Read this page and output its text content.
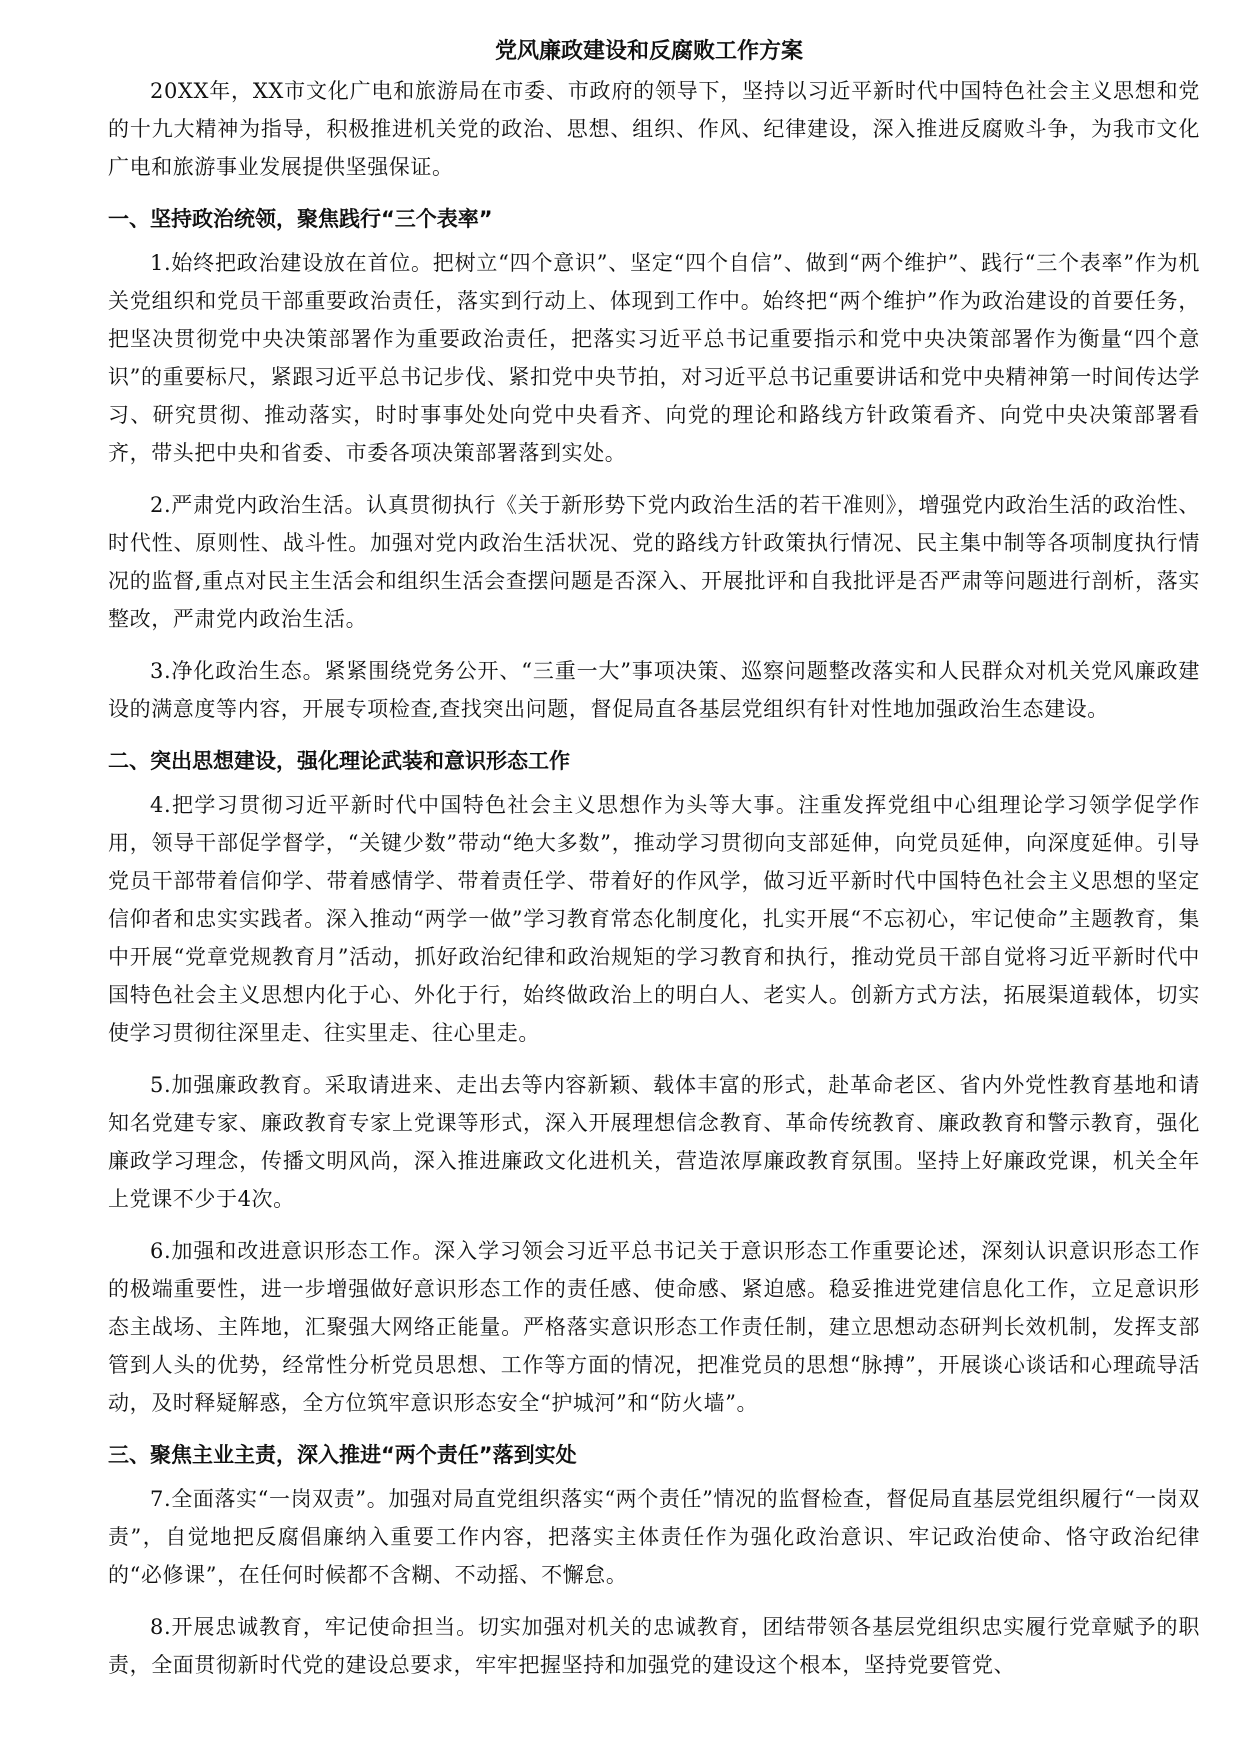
党风廉政建设和反腐败工作方案

20XX年，XX市文化广电和旅游局在市委、市政府的领导下，坚持以习近平新时代中国特色社会主义思想和党的十九大精神为指导，积极推进机关党的政治、思想、组织、作风、纪律建设，深入推进反腐败斗争，为我市文化广电和旅游事业发展提供坚强保证。

一、坚持政治统领，聚焦践行“三个表率”

1.始终把政治建设放在首位。把树立“四个意识”、坚定“四个自信”、做到“两个维护”、践行“三个表率”作为机关党组织和党员干部重要政治责任，落实到行动上、体现到工作中。始终把“两个维护”作为政治建设的首要任务，把坚决贯彻党中央决策部署作为重要政治责任，把落实习近平总书记重要指示和党中央决策部署作为衡量“四个意识”的重要标尺，紧跟习近平总书记步伐、紧扣党中央节拍，对习近平总书记重要讲话和党中央精神第一时间传达学习、研究贯彻、推动落实，时时事事处处向党中央看齐、向党的理论和路线方针政策看齐、向党中央决策部署看齐，带头把中央和省委、市委各项决策部署落到实处。

2.严肃党内政治生活。认真贯彻执行《关于新形势下党内政治生活的若干准则》，增强党内政治生活的政治性、时代性、原则性、战斗性。加强对党内政治生活状况、党的路线方针政策执行情况、民主集中制等各项制度执行情况的监督,重点对民主生活会和组织生活会查摆问题是否深入、开展批评和自我批评是否严肃等问题进行剖析，落实整改，严肃党内政治生活。

3.净化政治生态。紧紧围绕党务公开、“三重一大”事项决策、巡察问题整改落实和人民群众对机关党风廉政建设的满意度等内容，开展专项检查,查找突出问题，督促局直各基层党组织有针对性地加强政治生态建设。

二、突出思想建设，强化理论武装和意识形态工作

4.把学习贯彻习近平新时代中国特色社会主义思想作为头等大事。注重发挥党组中心组理论学习领学促学作用，领导干部促学督学，“关键少数”带动“绝大多数”，推动学习贯彻向支部延伸，向党员延伸，向深度延伸。引导党员干部带着信仰学、带着感情学、带着责任学、带着好的作风学，做习近平新时代中国特色社会主义思想的坚定信仰者和忠实实践者。深入推动“两学一做”学习教育常态化制度化，扎实开展“不忘初心，牢记使命”主题教育，集中开展“党章党规教育月”活动，抓好政治纪律和政治规矩的学习教育和执行，推动党员干部自觉将习近平新时代中国特色社会主义思想内化于心、外化于行，始终做政治上的明白人、老实人。创新方式方法，拓展渠道载体，切实使学习贯彻往深里走、往实里走、往心里走。

5.加强廉政教育。采取请进来、走出去等内容新颖、载体丰富的形式，赴革命老区、省内外党性教育基地和请知名党建专家、廉政教育专家上党课等形式，深入开展理想信念教育、革命传统教育、廉政教育和警示教育，强化廉政学习理念，传播文明风尚，深入推进廉政文化进机关，营造浓厚廉政教育氛围。坚持上好廉政党课，机关全年上党课不少于4次。

6.加强和改进意识形态工作。深入学习领会习近平总书记关于意识形态工作重要论述，深刻认识意识形态工作的极端重要性，进一步增强做好意识形态工作的责任感、使命感、紧迫感。稳妥推进党建信息化工作，立足意识形态主战场、主阵地，汇聚强大网络正能量。严格落实意识形态工作责任制，建立思想动态研判长效机制，发挥支部管到人头的优势，经常性分析党员思想、工作等方面的情况，把准党员的思想“脉搏”，开展谈心谈话和心理疏导活动，及时释疑解惑，全方位筑牢意识形态安全“护城河”和“防火墙”。

三、聚焦主业主责，深入推进“两个责任”落到实处

7.全面落实“一岗双责”。加强对局直党组织落实“两个责任”情况的监督检查，督促局直基层党组织履行“一岗双责”，自觉地把反腐倡廉纳入重要工作内容，把落实主体责任作为强化政治意识、牢记政治使命、恪守政治纪律的“必修课”，在任何时候都不含糊、不动摇、不懈怠。

8.开展忠诚教育，牢记使命担当。切实加强对机关的忠诚教育，团结带领各基层党组织忠实履行党章赋予的职责，全面贯彻新时代党的建设总要求，牢牢把握坚持和加强党的建设这个根本，坚持党要管党、
